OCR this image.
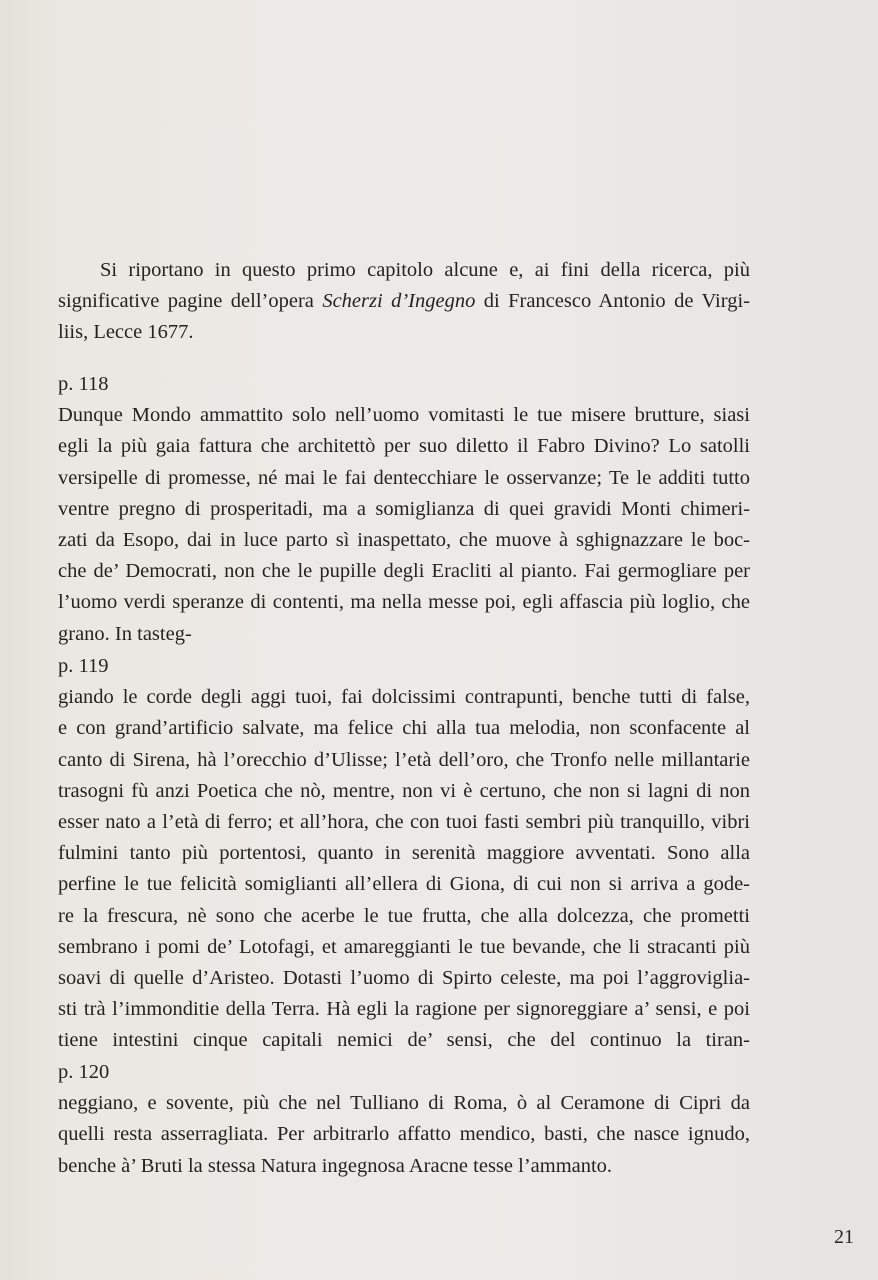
Si riportano in questo primo capitolo alcune e, ai fini della ricerca, più significative pagine dell’opera Scherzi d’Ingegno di Francesco Antonio de Virgi-liis, Lecce 1677.

p. 118
Dunque Mondo ammattito solo nell’uomo vomitasti le tue misere brutture, siasi
egli la più gaia fattura che architettò per suo diletto il Fabro Divino? Lo satolli
versipelle di promesse, né mai le fai dentecchiare le osservanze; Te le additi tutto
ventre pregno di prosperitadi, ma a somiglianza di quei gravidi Monti chimeri-
zati da Esopo, dai in luce parto sì inaspettato, che muove à sghignazzare le boc-
che de’ Democrati, non che le pupille degli Eracliti al pianto. Fai germogliare per
l’uomo verdi speranze di contenti, ma nella messe poi, egli affascia più loglio, che
grano. In tasteg-
p. 119
giando le corde degli aggi tuoi, fai dolcissimi contrapunti, benche tutti di false,
e con grand’artificio salvate, ma felice chi alla tua melodia, non sconfacente al
canto di Sirena, hà l’orecchio d’Ulisse; l’età dell’oro, che Tronfo nelle millantarie
trasogni fù anzi Poetica che nò, mentre, non vi è certuno, che non si lagni di non
esser nato a l’età di ferro; et all’hora, che con tuoi fasti sembri più tranquillo, vibri
fulmini tanto più portentosi, quanto in serenità maggiore avventati. Sono alla
perfine le tue felicità somiglianti all’ellera di Giona, di cui non si arriva a gode-
re la frescura, nè sono che acerbe le tue frutta, che alla dolcezza, che prometti
sembrano i pomi de’ Lotofagi, et amareggianti le tue bevande, che li stracanti più
soavi di quelle d’Aristeo. Dotasti l’uomo di Spirto celeste, ma poi l’aggroviglia-
sti trà l’immonditie della Terra. Hà egli la ragione per signoreggiare a’ sensi, e poi
tiene intestini cinque capitali nemici de’ sensi, che del continuo la tiran-
p. 120
neggiano, e sovente, più che nel Tulliano di Roma, ò al Ceramone di Cipri da
quelli resta asserragliata. Per arbitrarlo affatto mendico, basti, che nasce ignudo,
benche à’ Bruti la stessa Natura ingegnosa Aracne tesse l’ammanto.
21
